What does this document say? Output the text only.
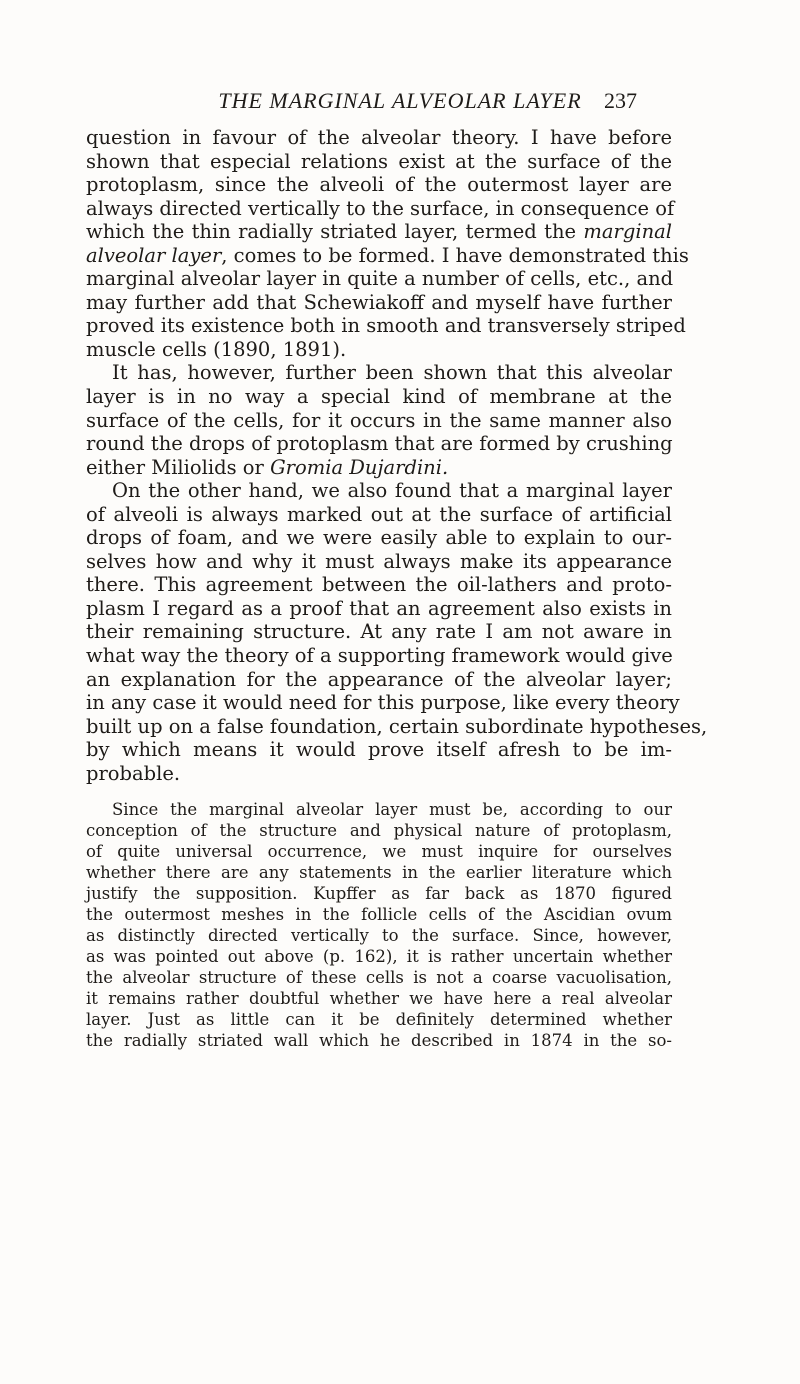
THE MARGINAL ALVEOLAR LAYER	237
question in favour of the alveolar theory. I have before
shown that especial relations exist at the surface of the
protoplasm, since the alveoli of the outermost layer are
always directed vertically to the surface, in consequence of
which the thin radially striated layer, termed the marginal
alveolar layer, comes to be formed. I have demonstrated this
marginal alveolar layer in quite a number of cells, etc., and
may further add that Schewiakoff and myself have further
proved its existence both in smooth and transversely striped
muscle cells (1890, 1891).
It has, however, further been shown that this alveolar
layer is in no way a special kind of membrane at the
surface of the cells, for it occurs in the same manner also
round the drops of protoplasm that are formed by crushing
either Miliolids or Gromia Dujardini.
On the other hand, we also found that a marginal layer
of alveoli is always marked out at the surface of artificial
drops of foam, and we were easily able to explain to our-
selves how and why it must always make its appearance
there. This agreement between the oil-lathers and proto-
plasm I regard as a proof that an agreement also exists in
their remaining structure. At any rate I am not aware in
what way the theory of a supporting framework would give
an explanation for the appearance of the alveolar layer;
in any case it would need for this purpose, like every theory
built up on a false foundation, certain subordinate hypotheses,
by which means it would prove itself afresh to be im-
probable.
Since the marginal alveolar layer must be, according to our
conception of the structure and physical nature of protoplasm,
of quite universal occurrence, we must inquire for ourselves
whether there are any statements in the earlier literature which
justify the supposition. Kupffer as far back as 1870 figured
the outermost meshes in the follicle cells of the Ascidian ovum
as distinctly directed vertically to the surface. Since, however,
as was pointed out above (p. 162), it is rather uncertain whether
the alveolar structure of these cells is not a coarse vacuolisation,
it remains rather doubtful whether we have here a real alveolar
layer. Just as little can it be definitely determined whether
the radially striated wall which he described in 1874 in the so-
